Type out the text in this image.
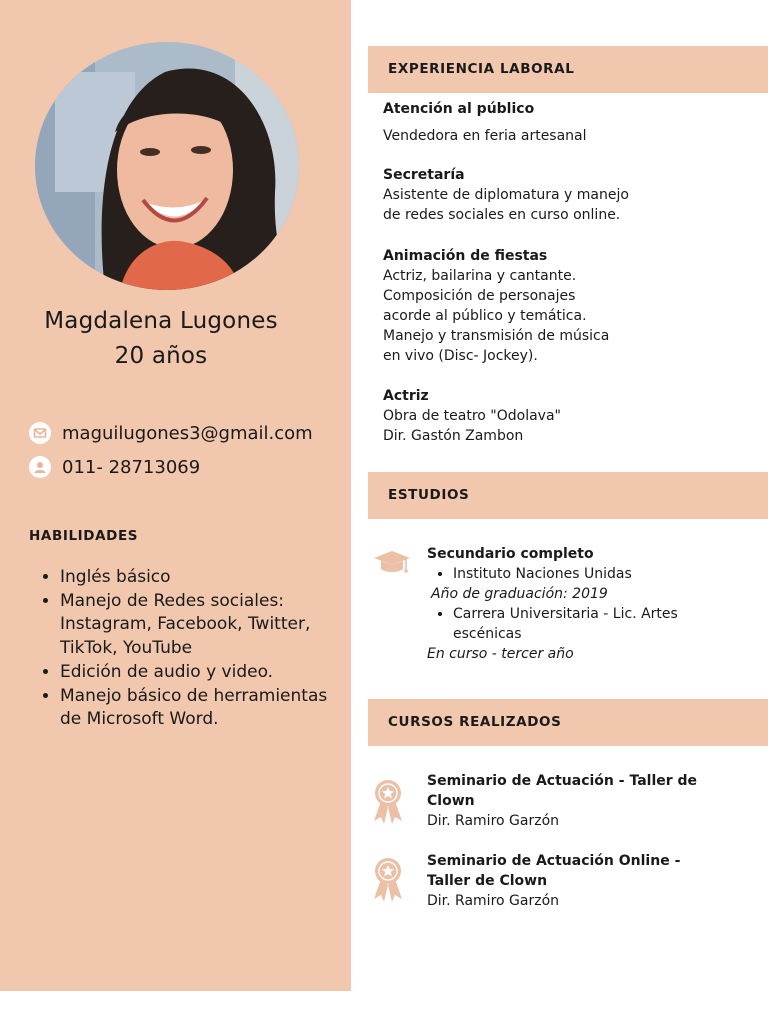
Magdalena Lugones
20 años
maguilugones3@gmail.com
011- 28713069
HABILIDADES
• Inglés básico
• Manejo de Redes sociales: Instagram, Facebook, Twitter, TikTok, YouTube
• Edición de audio y video.
• Manejo básico de herramientas de Microsoft Word.
EXPERIENCIA LABORAL
Atención al público
Vendedora en feria artesanal
Secretaría
Asistente de diplomatura y manejo
de redes sociales en curso online.
Animación de fiestas
Actriz, bailarina y cantante.
Composición de personajes
acorde al público y temática.
Manejo y transmisión de música
en vivo (Disc- Jockey).
Actriz
Obra de teatro "Odolava"
Dir. Gastón Zambon
ESTUDIOS
Secundario completo
• Instituto Naciones Unidas
Año de graduación: 2019
• Carrera Universitaria - Lic. Artes escénicas
En curso - tercer año
CURSOS REALIZADOS
Seminario de Actuación - Taller de Clown
Dir. Ramiro Garzón
Seminario de Actuación Online - Taller de Clown
Dir. Ramiro Garzón
